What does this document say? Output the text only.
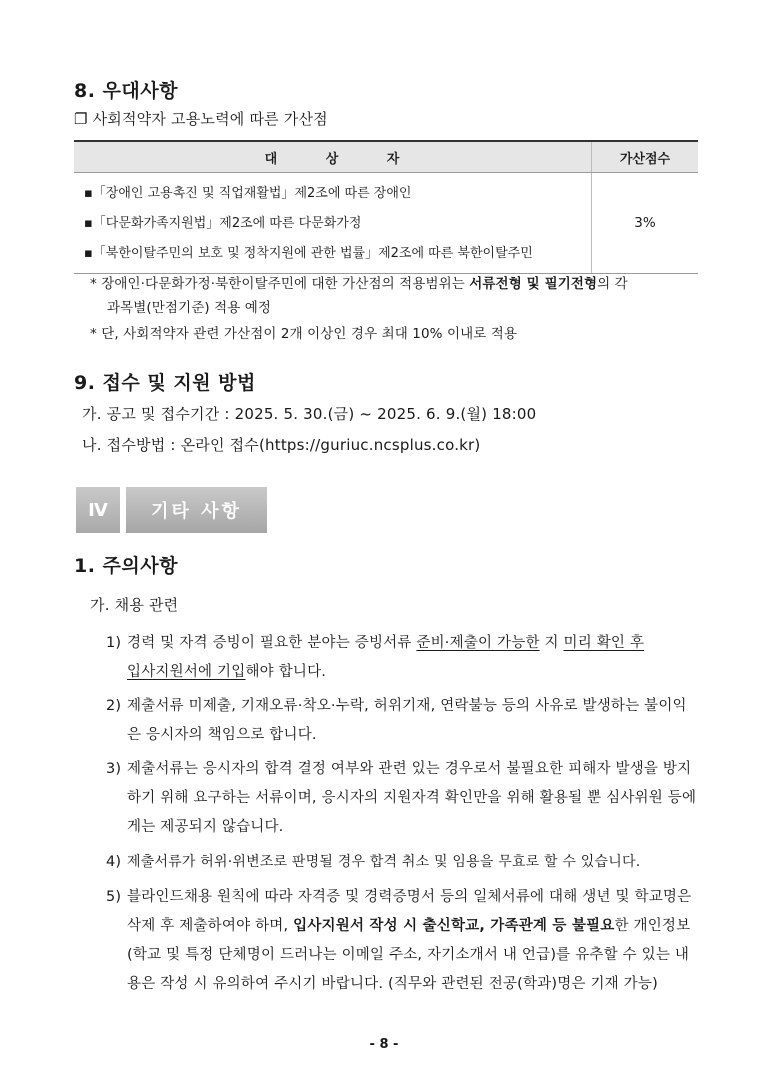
8. 우대사항
❐ 사회적약자 고용노력에 따른 가산점
대 상 자	가산점수

▪「장애인 고용촉진 및 직업재활법」제2조에 따른 장애인
▪「다문화가족지원법」제2조에 따른 다문화가정
▪「북한이탈주민의 보호 및 정착지원에 관한 법률」제2조에 따른 북한이탈주민	3%
* 장애인·다문화가정·북한이탈주민에 대한 가산점의 적용범위는 서류전형 및 필기전형의 각
과목별(만점기준) 적용 예정
* 단, 사회적약자 관련 가산점이 2개 이상인 경우 최대 10% 이내로 적용
9. 접수 및 지원 방법
가. 공고 및 접수기간 : 2025. 5. 30.(금) ~ 2025. 6. 9.(월) 18:00
나. 접수방법 : 온라인 접수(https://guriuc.ncsplus.co.kr)
Ⅳ	기타 사항
1. 주의사항
가. 채용 관련
1) 경력 및 자격 증빙이 필요한 분야는 증빙서류 준비·제출이 가능한 지 미리 확인 후
입사지원서에 기입해야 합니다.
2) 제출서류 미제출, 기재오류·착오·누락, 허위기재, 연락불능 등의 사유로 발생하는 불이익은 응시자의 책임으로 합니다.
3) 제출서류는 응시자의 합격 결정 여부와 관련 있는 경우로서 불필요한 피해자 발생을 방지하기 위해 요구하는 서류이며, 응시자의 지원자격 확인만을 위해 활용될 뿐 심사위원 등에게는 제공되지 않습니다.
4) 제출서류가 허위·위변조로 판명될 경우 합격 취소 및 임용을 무효로 할 수 있습니다.
5) 블라인드채용 원칙에 따라 자격증 및 경력증명서 등의 일체서류에 대해 생년 및 학교명은 삭제 후 제출하여야 하며, 입사지원서 작성 시 출신학교, 가족관계 등 불필요한 개인정보(학교 및 특정 단체명이 드러나는 이메일 주소, 자기소개서 내 언급)를 유추할 수 있는 내용은 작성 시 유의하여 주시기 바랍니다. (직무와 관련된 전공(학과)명은 기재 가능)
- 8 -
